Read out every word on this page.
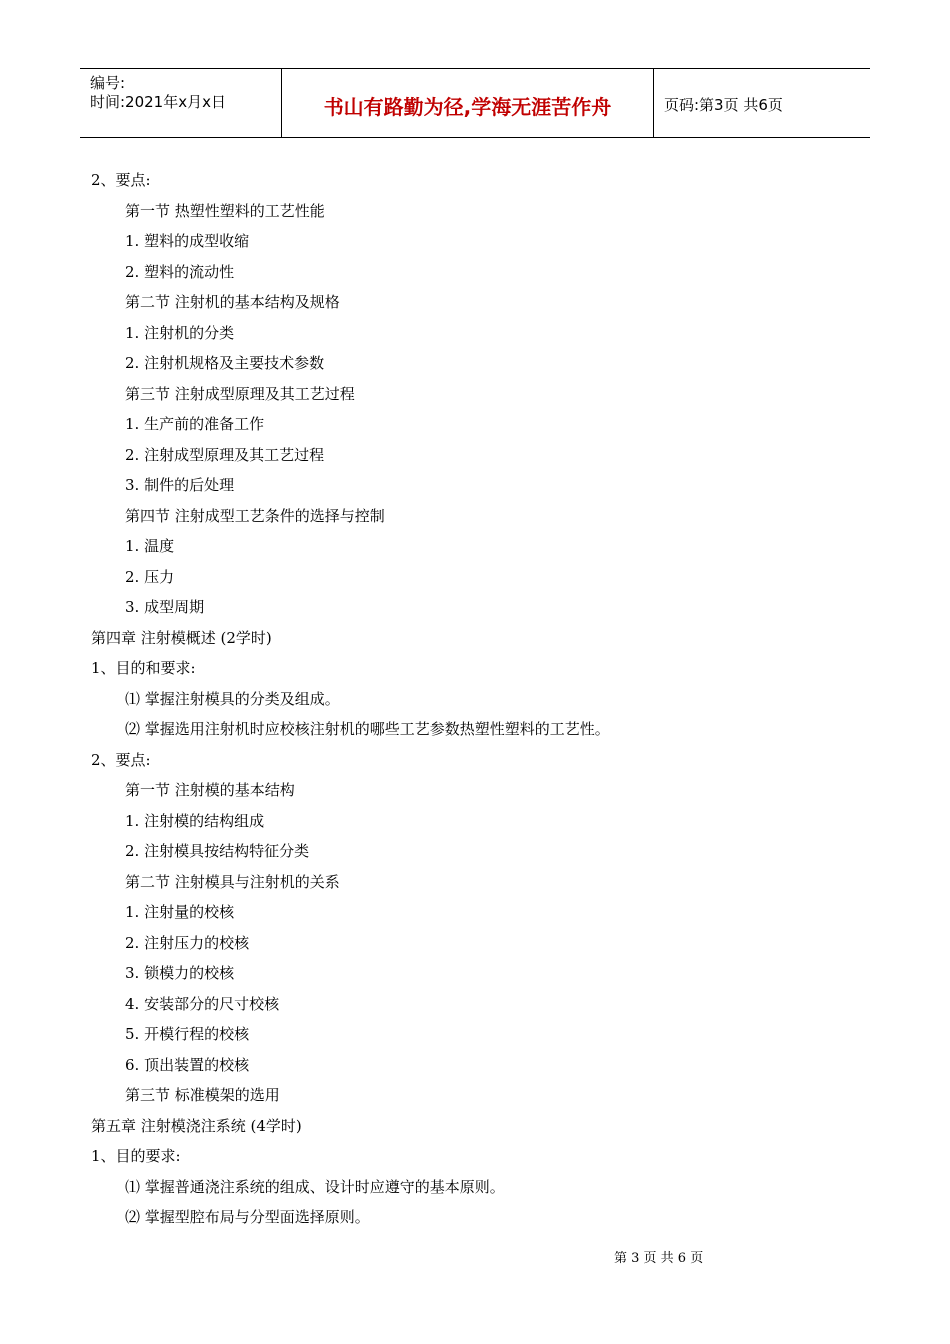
编号:
时间:2021年x月x日	书山有路勤为径,学海无涯苦作舟	页码:第3页 共6页
2、要点:
第一节 热塑性塑料的工艺性能
1. 塑料的成型收缩
2. 塑料的流动性
第二节 注射机的基本结构及规格
1. 注射机的分类
2. 注射机规格及主要技术参数
第三节 注射成型原理及其工艺过程
1. 生产前的准备工作
2. 注射成型原理及其工艺过程
3. 制件的后处理
第四节 注射成型工艺条件的选择与控制
1. 温度
2. 压力
3. 成型周期
第四章 注射模概述 (2学时)
1、目的和要求:
⑴ 掌握注射模具的分类及组成。
⑵ 掌握选用注射机时应校核注射机的哪些工艺参数热塑性塑料的工艺性。
2、要点:
第一节 注射模的基本结构
1. 注射模的结构组成
2. 注射模具按结构特征分类
第二节 注射模具与注射机的关系
1. 注射量的校核
2. 注射压力的校核
3. 锁模力的校核
4. 安装部分的尺寸校核
5. 开模行程的校核
6. 顶出装置的校核
第三节 标准模架的选用
第五章 注射模浇注系统 (4学时)
1、目的要求:
⑴ 掌握普通浇注系统的组成、设计时应遵守的基本原则。
⑵ 掌握型腔布局与分型面选择原则。
第 3 页 共 6 页
